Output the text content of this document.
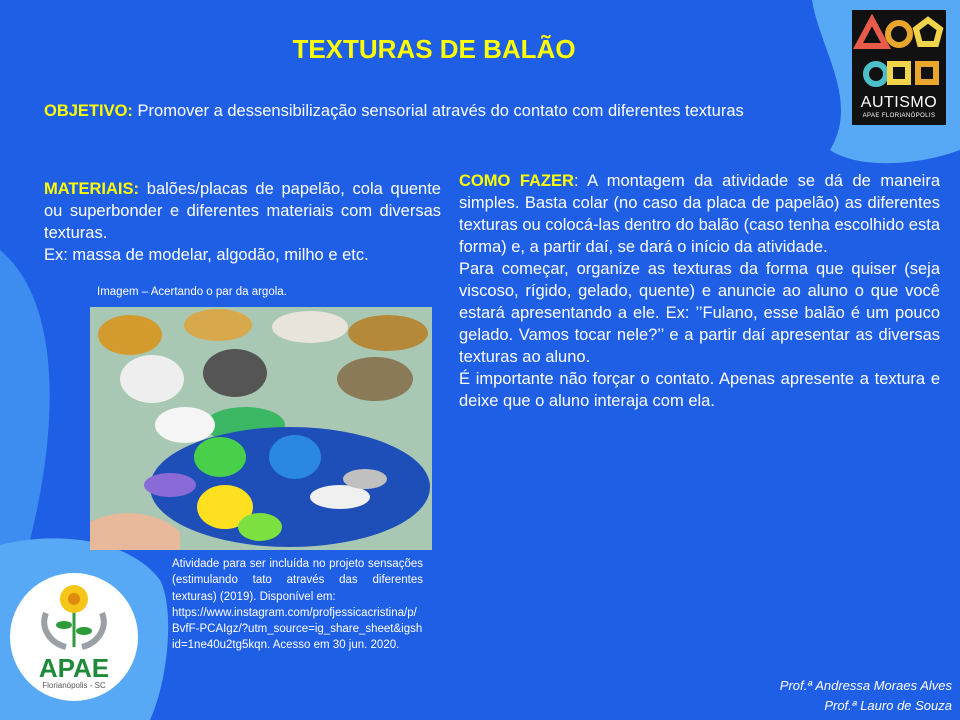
TEXTURAS DE BALÃO
OBJETIVO: Promover a dessensibilização sensorial através do contato com diferentes texturas
MATERIAIS: balões/placas de papelão, cola quente ou superbonder e diferentes materiais com diversas texturas.
Ex: massa de modelar, algodão, milho e etc.
Imagem – Acertando o par da argola.
COMO FAZER: A montagem da atividade se dá de maneira simples. Basta colar (no caso da placa de papelão) as diferentes texturas ou colocá-las dentro do balão (caso tenha escolhido esta forma) e, a partir daí, se dará o início da atividade.
Para começar, organize as texturas da forma que quiser (seja viscoso, rígido, gelado, quente) e anuncie ao aluno o que você estará apresentando a ele. Ex: ’’Fulano, esse balão é um pouco gelado. Vamos tocar nele?’’ e a partir daí apresentar as diversas texturas ao aluno.
É importante não forçar o contato. Apenas apresente a textura e deixe que o aluno interaja com ela.
Atividade para ser incluída no projeto sensações (estimulando tato através das diferentes texturas) (2019). Disponível em:
https://www.instagram.com/profjessicacristina/p/BvfF-PCAIgz/?utm_source=ig_share_sheet&igshid=1ne40u2tg5kqn. Acesso em 30 jun. 2020.
Prof.ª Andressa Moraes Alves
Prof.ª Lauro de Souza
AUTISMO
APAE FLORIANÓPOLIS
APAE
Florianópolis - SC
